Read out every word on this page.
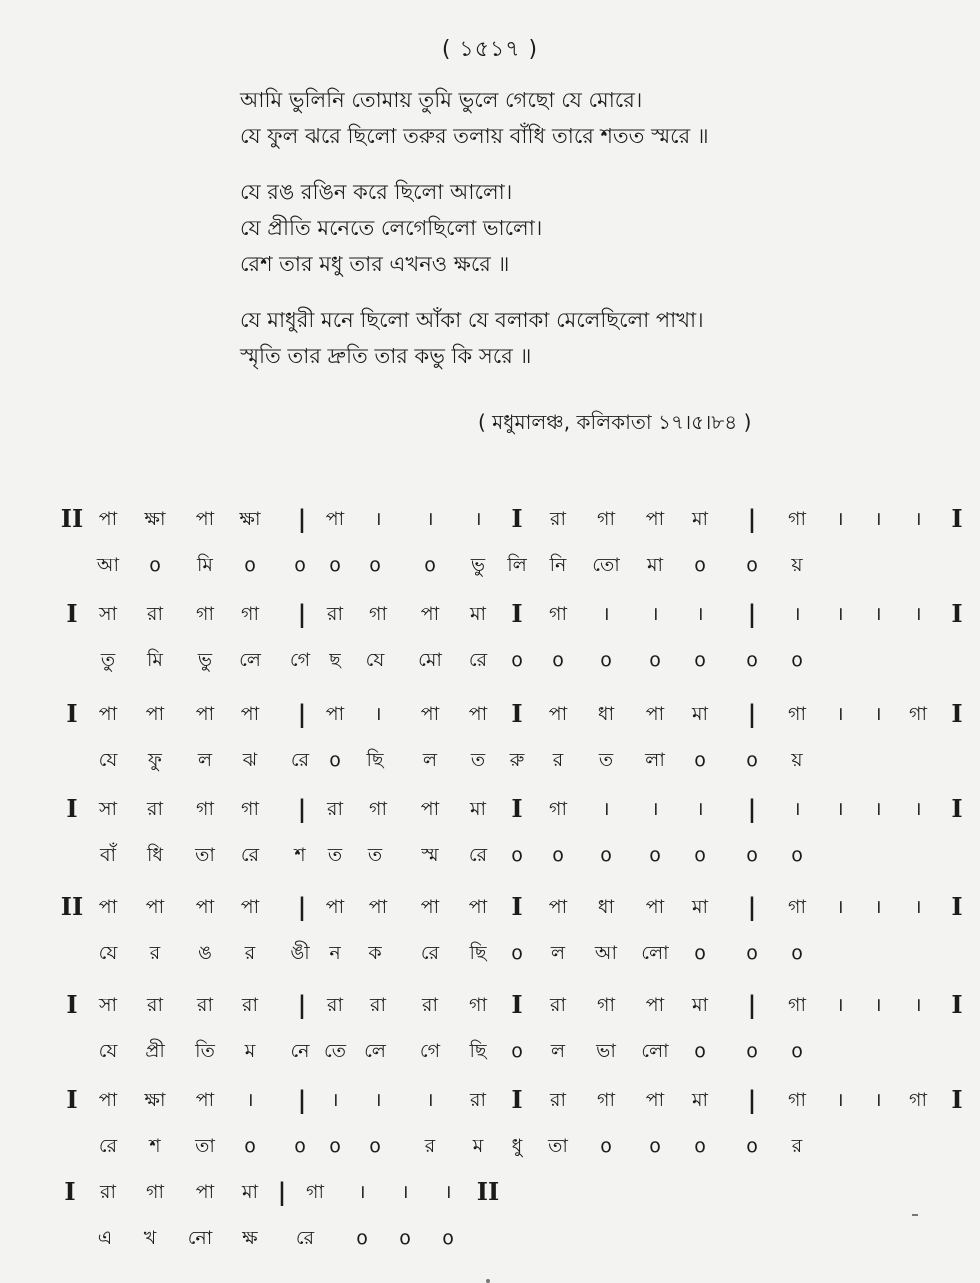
( ১৫১৭ )
আমি ভুলিনি তোমায় তুমি ভুলে গেছো যে মোরে।
যে ফুল ঝরে ছিলো তরুর তলায় বাঁধি তারে শতত স্মরে ॥
যে রঙ রঙিন করে ছিলো আলো।
যে প্রীতি মনেতে লেগেছিলো ভালো।
রেশ তার মধু তার এখনও ক্ষরে ॥
যে মাধুরী মনে ছিলো আঁকা যে বলাকা মেলেছিলো পাখা।
স্মৃতি তার দ্রুতি তার কভু কি সরে ॥
( মধুমালঞ্চ, কলিকাতা ১৭।৫।৮৪ )
II পা ক্ষা পা ক্ষা | পা । । । I রা গা পা মা | গা । । । I
আ ο মি ο ο ο ο ο ভু লি নি তো মা ο ο য়
I সা রা গা গা | রা গা পা মা I গা । । । | । । । । I
তু মি ভু লে গে ছ যে মো রে ο ο ο ο ο ο ο
I পা পা পা পা | পা । পা পা I পা ধা পা মা | গা । । গা I
যে ফু ল ঝ রে ο ছি ল ত রু র ত লা ο ο য়
I সা রা গা গা | রা গা পা মা I গা । । । | । । । । I
বাঁ ধি তা রে শ ত ত স্ম রে ο ο ο ο ο ο ο
II পা পা পা পা | পা পা পা পা I পা ধা পা মা | গা । । । I
যে র ঙ র ঙী ন ক রে ছি ο ল আ লো ο ο ο
I সা রা রা রা | রা রা রা গা I রা গা পা মা | গা । । । I
যে প্রী তি ম নে তে লে গে ছি ο ল ভা লো ο ο ο
I পা ক্ষা পা । | । । । রা I রা গা পা মা | গা । । গা I
রে শ তা ο ο ο ο র ম ধু তা ο ο ο ο র
I রা গা পা মা | গা । । । II
এ খ নো ক্ষ রে ο ο ο
